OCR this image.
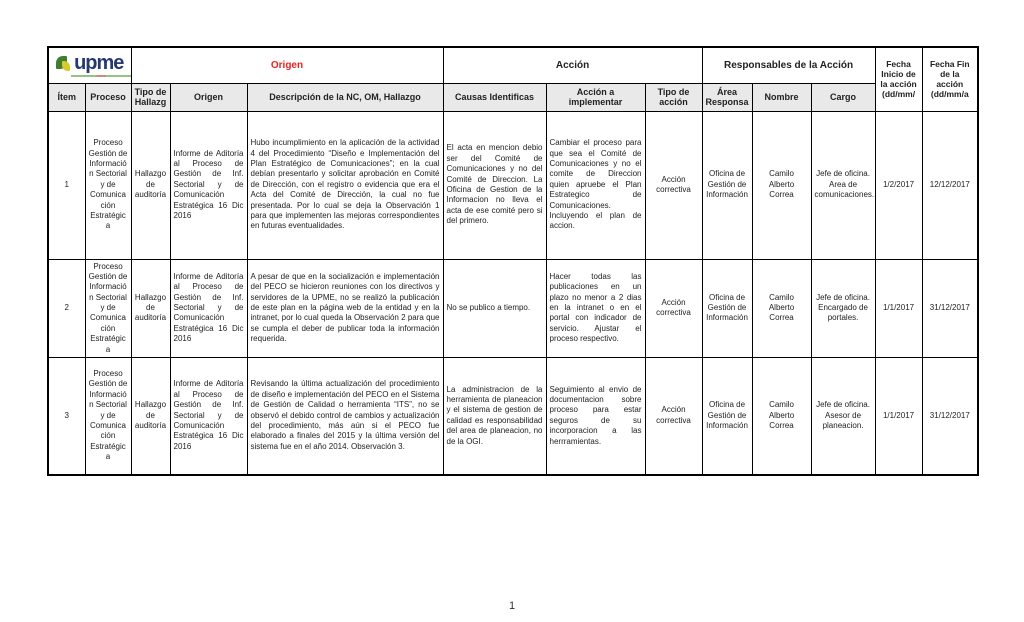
upme		Origen			Acción			Responsables de la Acción			Fecha Inicio de la acción (dd/mm/	Fecha Fin de la acción (dd/mm/a
Ítem	Proceso	Tipo de Hallazg	Origen	Descripción de la NC, OM, Hallazgo	Causas Identificas	Acción a implementar	Tipo de acción	Área Responsa	Nombre	Cargo		
1	Proceso Gestión de Información Sectorial y de Comunicación Estratégica	Hallazgo de auditoría	Informe de Aditoría al Proceso de Gestión de Inf. Sectorial y de Comunicación Estratégica 16 Dic 2016	Hubo incumplimiento en la aplicación de la actividad 4 del Procedimiento “Diseño e Implementación del Plan Estratégico de Comunicaciones”; en la cual debían presentarlo y solicitar aprobación en Comité de Dirección, con el registro o evidencia que era el Acta del Comité de Dirección, la cual no fue presentada. Por lo cual se deja la Observación 1 para que implementen las mejoras correspondientes en futuras eventualidades.	El acta en mencion debio ser del Comité de Comunicaciones y no del Comité de Direccion. La Oficina de Gestion de la Informacion no lleva el acta de ese comité pero si del primero.	Cambiar el proceso para que sea el Comité de Comunicaciones y no el comite de Direccion quien apruebe el Plan Estrategico de Comunicaciones. Incluyendo el plan de accion.	Acción correctiva	Oficina de Gestión de Información	Camilo Alberto Correa	Jefe de oficina. Area de comunicaciones.	1/2/2017	12/12/2017
2	Proceso Gestión de Información Sectorial y de Comunicación Estratégica	Hallazgo de auditoría	Informe de Aditoría al Proceso de Gestión de Inf. Sectorial y de Comunicación Estratégica 16 Dic 2016	A pesar de que en la socialización e implementación del PECO se hicieron reuniones con los directivos y servidores de la UPME, no se realizó la publicación de este plan en la página web de la entidad y en la intranet, por lo cual queda la Observación 2 para que se cumpla el deber de publicar toda la información requerida.	No se publico a tiempo.	Hacer todas las publicaciones en un plazo no menor a 2 dias en la intranet o en el portal con indicador de servicio. Ajustar el proceso respectivo.	Acción correctiva	Oficina de Gestión de Información	Camilo Alberto Correa	Jefe de oficina. Encargado de portales.	1/1/2017	31/12/2017
3	Proceso Gestión de Información Sectorial y de Comunicación Estratégica	Hallazgo de auditoría	Informe de Aditoría al Proceso de Gestión de Inf. Sectorial y de Comunicación Estratégica 16 Dic 2016	Revisando la última actualización del procedimiento de diseño e implementación del PECO en el Sistema de Gestión de Calidad o herramienta “ITS”, no se observó el debido control de cambios y actualización del procedimiento, más aún si el PECO fue elaborado a finales del 2015 y la última versión del sistema fue en el año 2014. Observación 3.	La administracion de la herramienta de planeacion y el sistema de gestion de calidad es responsabilidad del area de planeacion, no de la OGI.	Seguimiento al envio de documentacion sobre proceso para estar seguros de su incorporacion a las herrramientas.	Acción correctiva	Oficina de Gestión de Información	Camilo Alberto Correa	Jefe de oficina. Asesor de planeacion.	1/1/2017	31/12/2017
1
